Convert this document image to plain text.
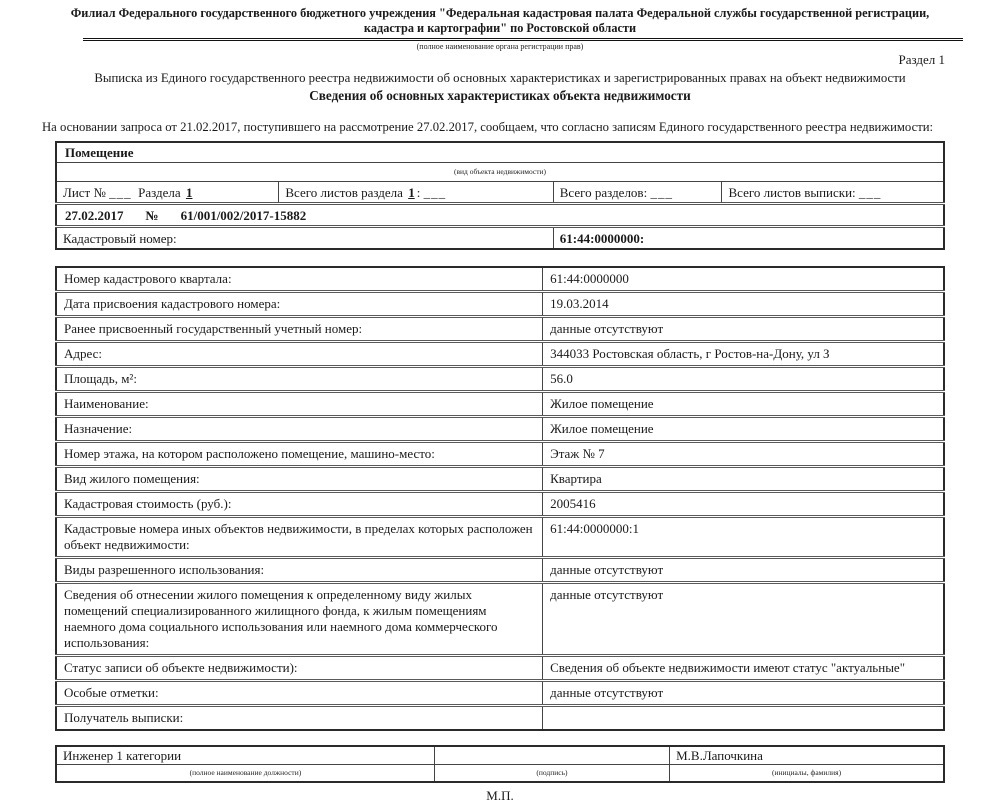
Филиал Федерального государственного бюджетного учреждения "Федеральная кадастровая палата Федеральной службы государственной регистрации,
кадастра и картографии" по Ростовской области
(полное наименование органа регистрации прав)
Раздел 1
Выписка из Единого государственного реестра недвижимости об основных характеристиках и зарегистрированных правах на объект недвижимости
Сведения об основных характеристиках объекта недвижимости
На основании запроса от 21.02.2017, поступившего на рассмотрение 27.02.2017, сообщаем, что согласно записям Единого государственного реестра недвижимости:
Помещение			
(вид объекта недвижимости)			
Лист № ___ Раздела 1	Всего листов раздела 1 : ___	Всего разделов: ___	Всего листов выписки: ___
27.02.2017 № 61/001/002/2017-15882			
Кадастровый номер:		61:44:0000000:	
Номер кадастрового квартала:	61:44:0000000
Дата присвоения кадастрового номера:	19.03.2014
Ранее присвоенный государственный учетный номер:	данные отсутствуют
Адрес:	344033 Ростовская область, г Ростов-на-Дону, ул З
Площадь, м²:	56.0
Наименование:	Жилое помещение
Назначение:	Жилое помещение
Номер этажа, на котором расположено помещение, машино-место:	Этаж № 7
Вид жилого помещения:	Квартира
Кадастровая стоимость (руб.):	2005416
Кадастровые номера иных объектов недвижимости, в пределах которых расположен объект недвижимости:	61:44:0000000:1
Виды разрешенного использования:	данные отсутствуют
Сведения об отнесении жилого помещения к определенному виду жилых помещений специализированного жилищного фонда, к жилым помещениям наемного дома социального использования или наемного дома коммерческого использования:	данные отсутствуют
Статус записи об объекте недвижимости):	Сведения об объекте недвижимости имеют статус "актуальные"
Особые отметки:	данные отсутствуют
Получатель выписки:	
Инженер 1 категории		М.В.Лапочкина
(полное наименование должности)	(подпись)	(инициалы, фамилия)
М.П.
